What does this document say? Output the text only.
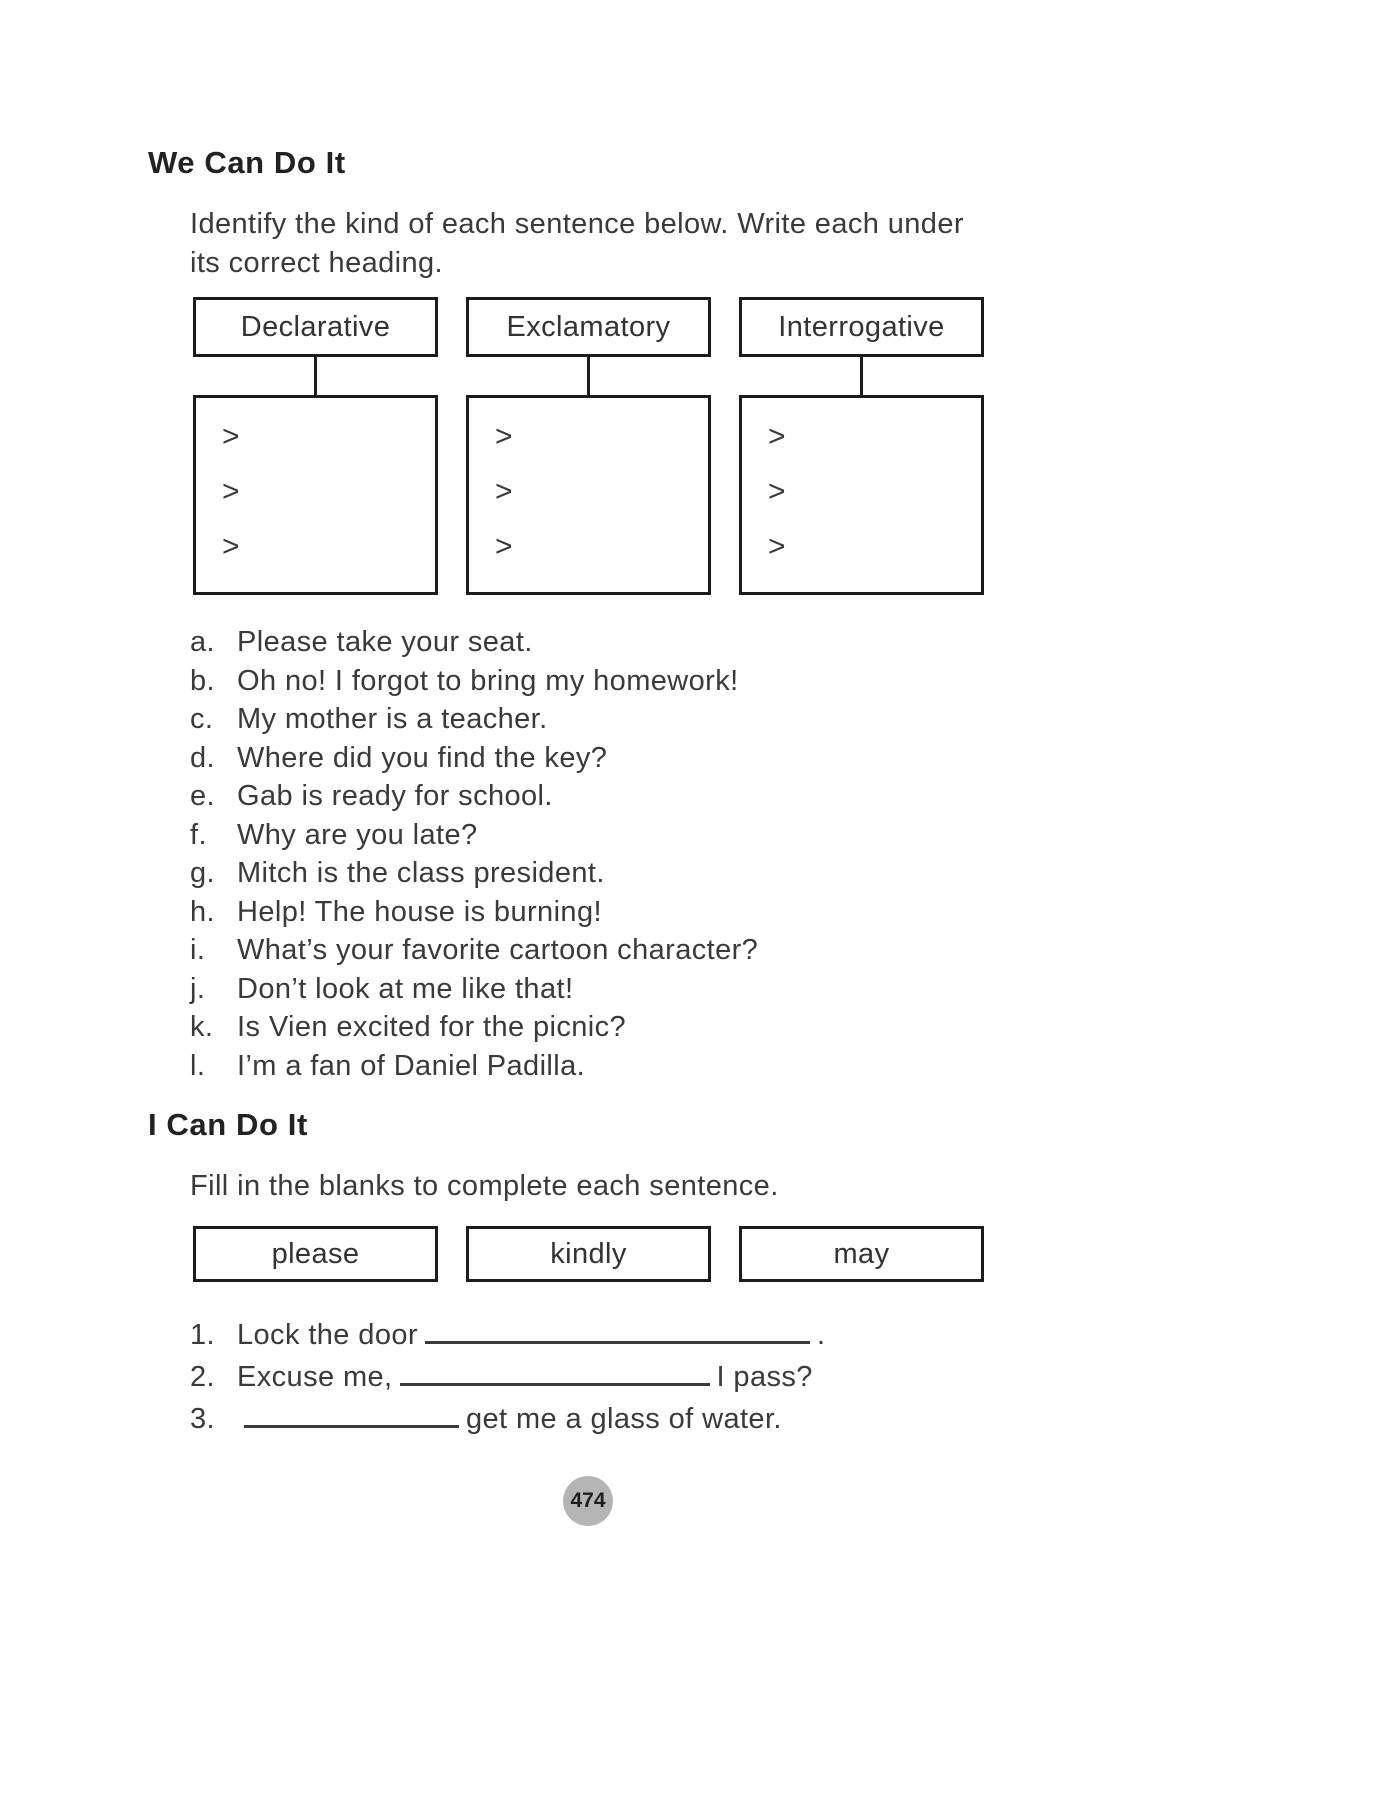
We Can Do It

Identify the kind of each sentence below. Write each under its correct heading.

Declarative
>
>
>
Exclamatory
>
>
>
Interrogative
>
>
>
a. Please take your seat.
b. Oh no! I forgot to bring my homework!
c. My mother is a teacher.
d. Where did you find the key?
e. Gab is ready for school.
f.	Why are you late?
g. Mitch is the class president.
h. Help! The house is burning!
i.	What’s your favorite cartoon character?
j.	Don’t look at me like that!
k. Is Vien excited for the picnic?
l.	I’m a fan of Daniel Padilla.
I Can Do It

Fill in the blanks to complete each sentence.

please	kindly	may
1. Lock the door	.
2. Excuse me,	I pass?
3.	get me a glass of water.
474
